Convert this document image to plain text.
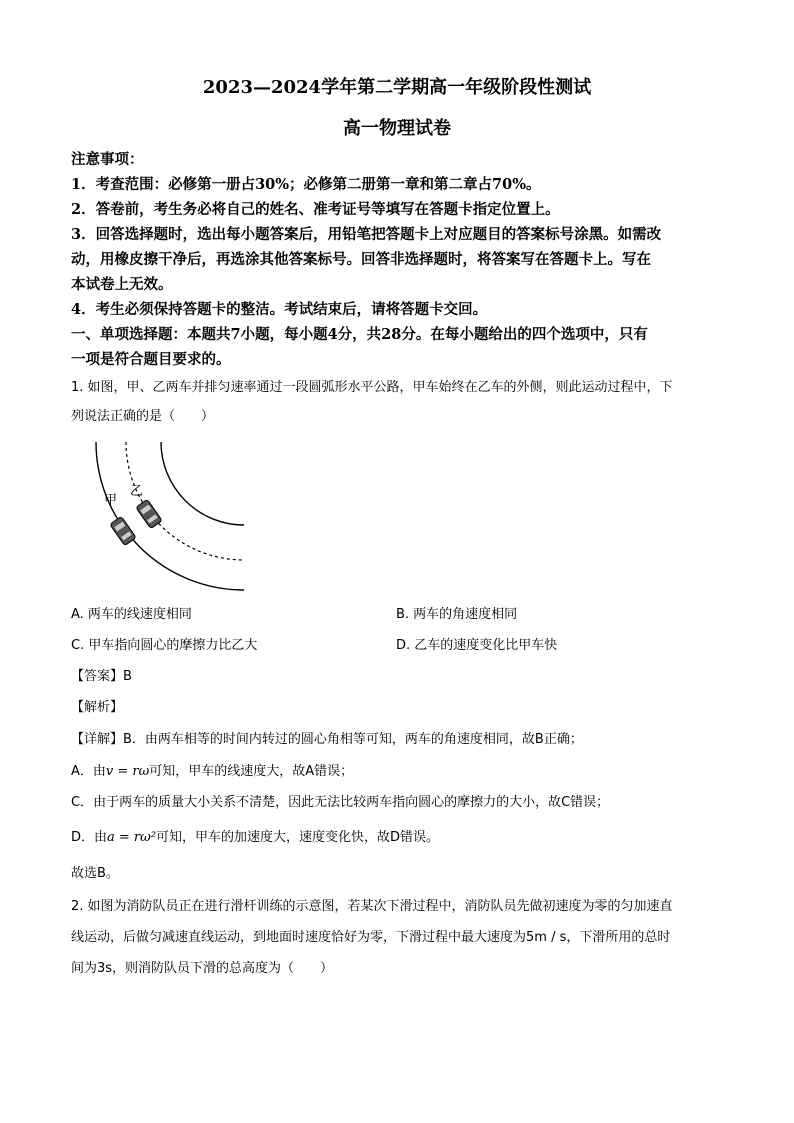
2023—2024学年第二学期高一年级阶段性测试
高一物理试卷
注意事项：
1．考查范围：必修第一册占30%；必修第二册第一章和第二章占70%。
2．答卷前，考生务必将自己的姓名、准考证号等填写在答题卡指定位置上。
3．回答选择题时，选出每小题答案后，用铅笔把答题卡上对应题目的答案标号涂黑。如需改
动，用橡皮擦干净后，再选涂其他答案标号。回答非选择题时，将答案写在答题卡上。写在
本试卷上无效。
4．考生必须保持答题卡的整洁。考试结束后，请将答题卡交回。
一、单项选择题：本题共7小题，每小题4分，共28分。在每小题给出的四个选项中，只有
一项是符合题目要求的。
1. 如图，甲、乙两车并排匀速率通过一段圆弧形水平公路，甲车始终在乙车的外侧，则此运动过程中，下
列说法正确的是（　　）
甲
乙
A. 两车的线速度相同	B. 两车的角速度相同
C. 甲车指向圆心的摩擦力比乙大	D. 乙车的速度变化比甲车快
【答案】B
【解析】
【详解】B．由两车相等的时间内转过的圆心角相等可知，两车的角速度相同，故B正确；
A．由v = rω可知，甲车的线速度大，故A错误；
C．由于两车的质量大小关系不清楚，因此无法比较两车指向圆心的摩擦力的大小，故C错误；
D．由a = rω²可知，甲车的加速度大，速度变化快，故D错误。
故选B。
2. 如图为消防队员正在进行滑杆训练的示意图，若某次下滑过程中，消防队员先做初速度为零的匀加速直
线运动，后做匀减速直线运动，到地面时速度恰好为零，下滑过程中最大速度为5m / s，下滑所用的总时
间为3s，则消防队员下滑的总高度为（　　）
